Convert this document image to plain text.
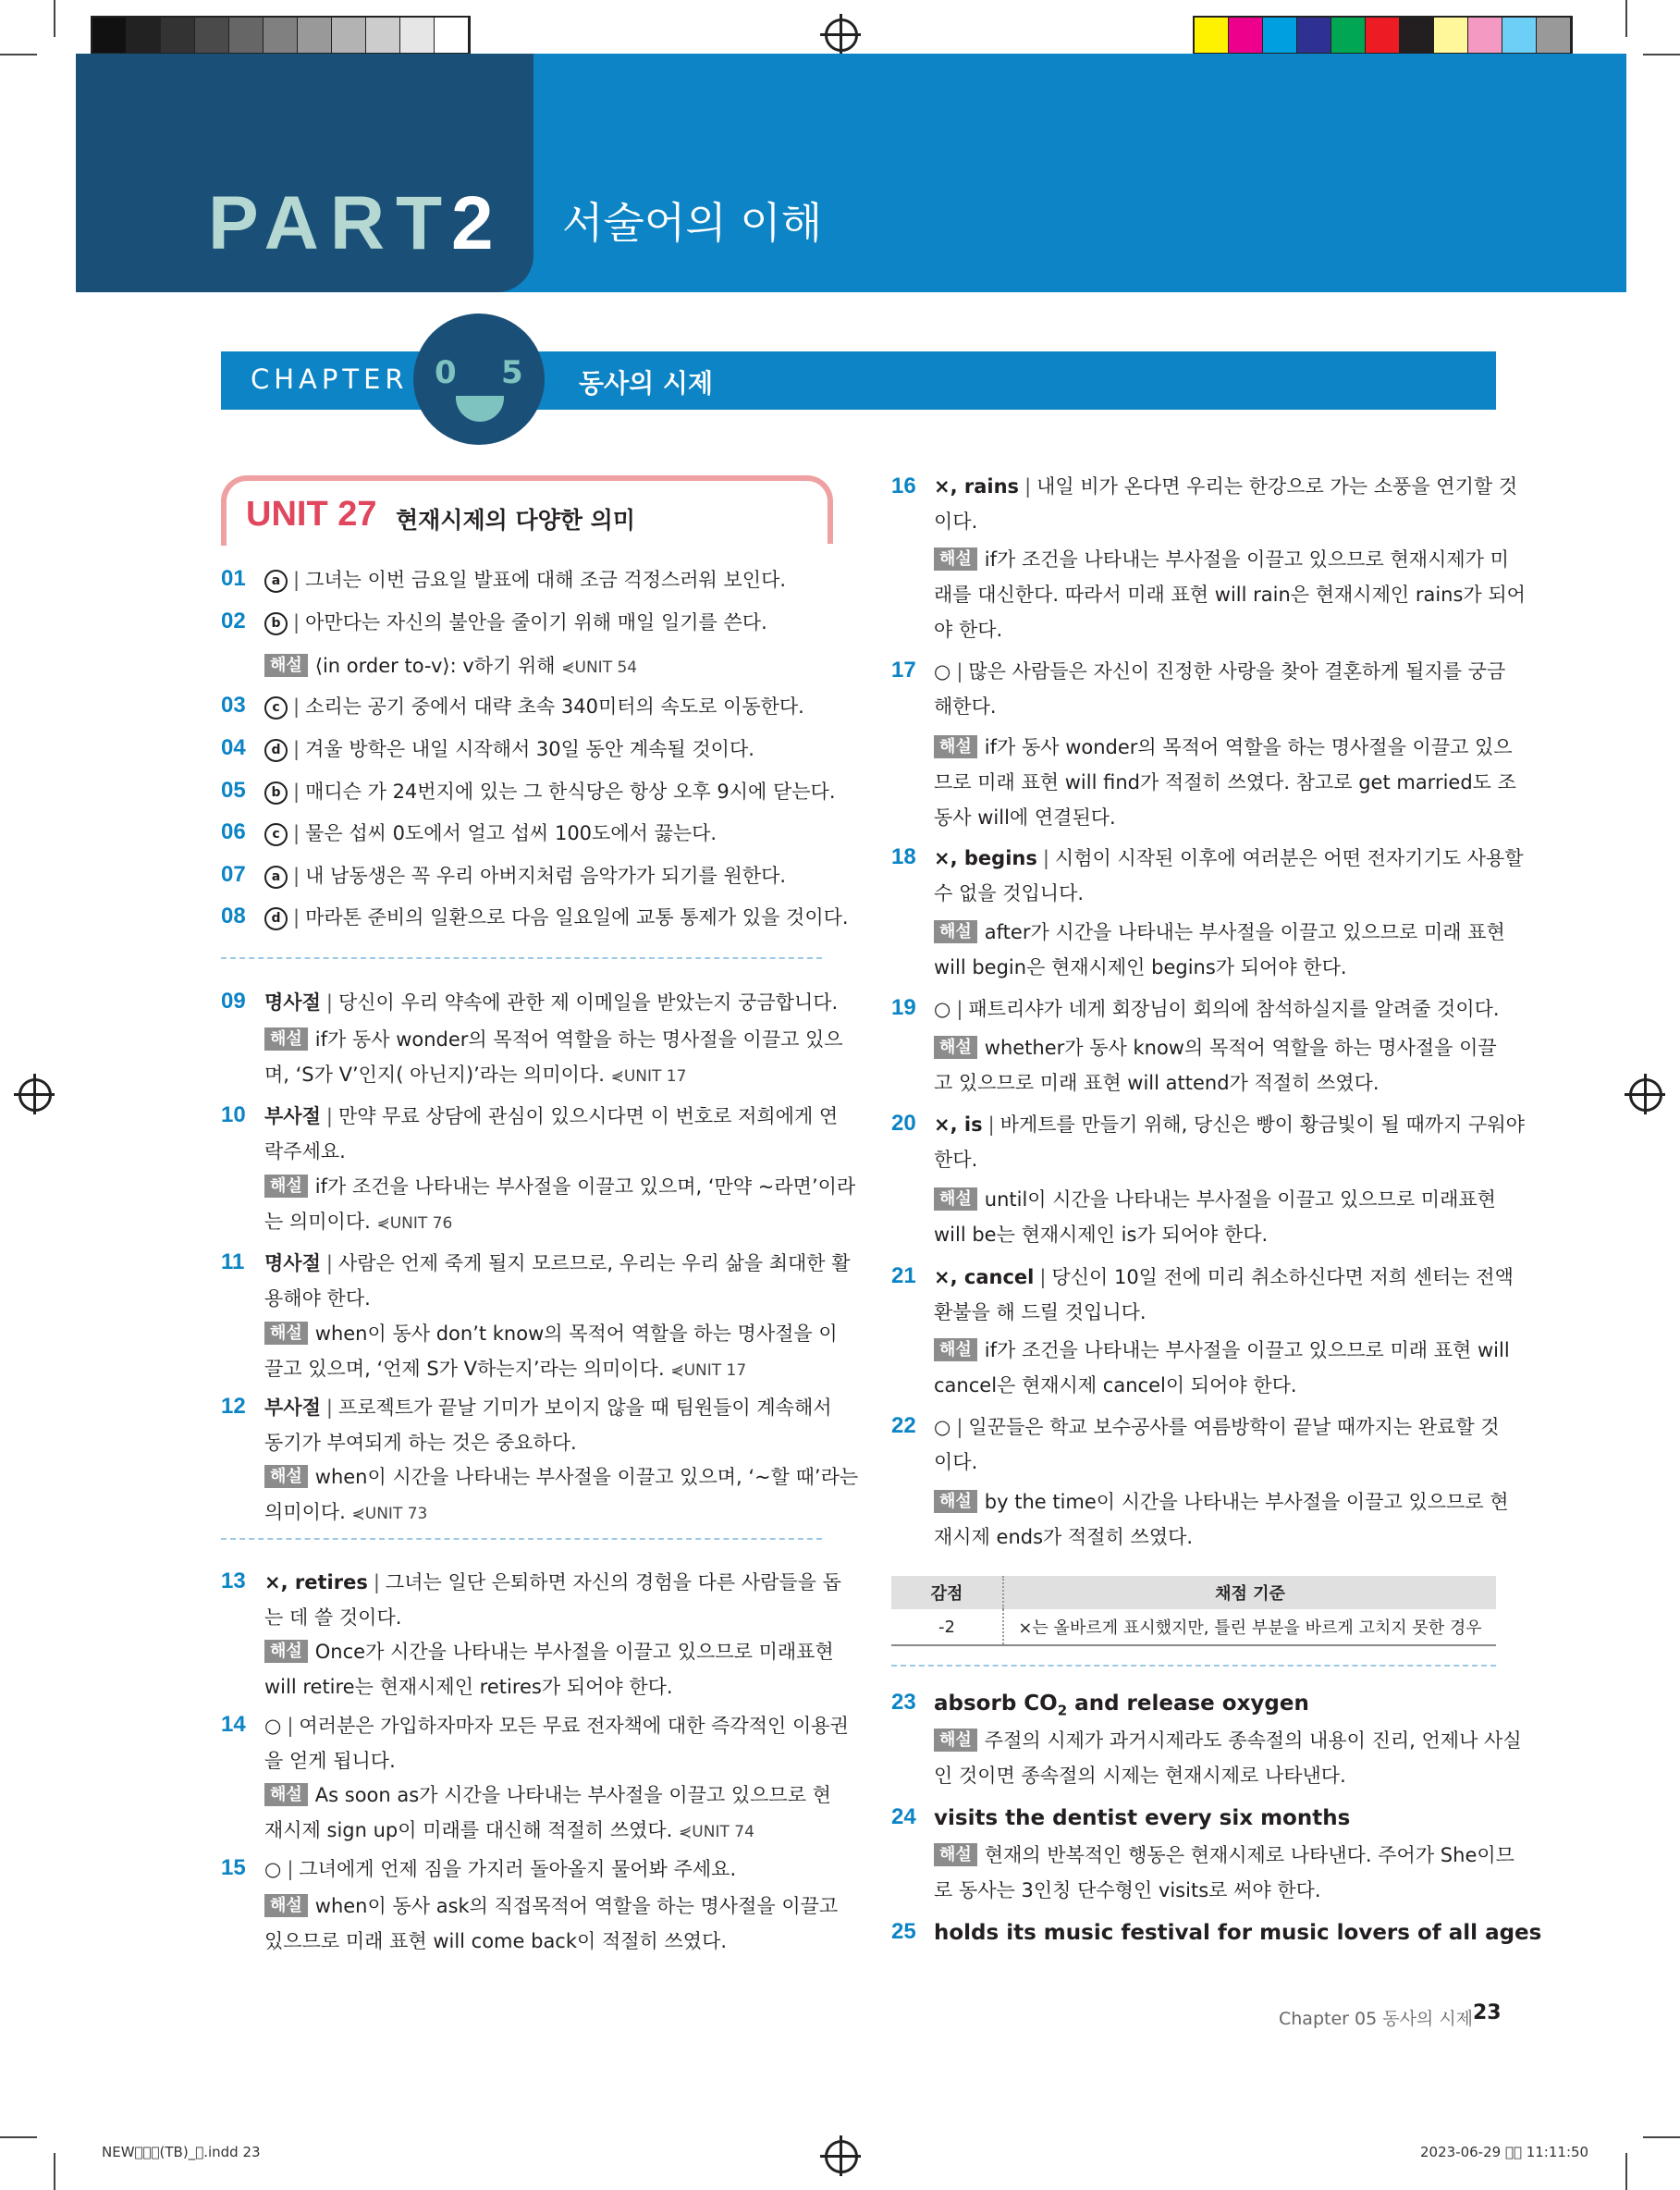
PART
2 서술어의 이해
CHAPTER 0 5 동사의 시제
UNIT 27 현재시제의 다양한 의미
01	a | 그녀는 이번 금요일 발표에 대해 조금 걱정스러워 보인다.
02	b | 아만다는 자신의 불안을 줄이기 위해 매일 일기를 쓴다.
해설 ⟨in order to-v⟩: v하기 위해 ⋞UNIT 54
03	c | 소리는 공기 중에서 대략 초속 340미터의 속도로 이동한다.
04	d | 겨울 방학은 내일 시작해서 30일 동안 계속될 것이다.
05	b | 매디슨 가 24번지에 있는 그 한식당은 항상 오후 9시에 닫는다.
06	c | 물은 섭씨 0도에서 얼고 섭씨 100도에서 끓는다.
07	a | 내 남동생은 꼭 우리 아버지처럼 음악가가 되기를 원한다.
08	d | 마라톤 준비의 일환으로 다음 일요일에 교통 통제가 있을 것이다.
09 명사절 | 당신이 우리 약속에 관한 제 이메일을 받았는지 궁금합니다.
해설 if가 동사 wonder의 목적어 역할을 하는 명사절을 이끌고 있으
며, ‘S가 V’인지( 아닌지)’라는 의미이다. ⋞UNIT 17
10 부사절 | 만약 무료 상담에 관심이 있으시다면 이 번호로 저희에게 연
락주세요.
해설 if가 조건을 나타내는 부사절을 이끌고 있으며, ‘만약 ~라면’이라
는 의미이다. ⋞UNIT 76
11 명사절 | 사람은 언제 죽게 될지 모르므로, 우리는 우리 삶을 최대한 활
용해야 한다.
해설 when이 동사 don’t know의 목적어 역할을 하는 명사절을 이
끌고 있으며, ‘언제 S가 V하는지’라는 의미이다. ⋞UNIT 17
12 부사절 | 프로젝트가 끝날 기미가 보이지 않을 때 팀원들이 계속해서
동기가 부여되게 하는 것은 중요하다.
해설 when이 시간을 나타내는 부사절을 이끌고 있으며, ‘~할 때’라는
의미이다. ⋞UNIT 73
13 ×, retires | 그녀는 일단 은퇴하면 자신의 경험을 다른 사람들을 돕
는 데 쓸 것이다.
해설 Once가 시간을 나타내는 부사절을 이끌고 있으므로 미래표현
will retire는 현재시제인 retires가 되어야 한다.
14 ○ | 여러분은 가입하자마자 모든 무료 전자책에 대한 즉각적인 이용권
을 얻게 됩니다.
해설 As soon as가 시간을 나타내는 부사절을 이끌고 있으므로 현
재시제 sign up이 미래를 대신해 적절히 쓰였다. ⋞UNIT 74
15 ○ | 그녀에게 언제 짐을 가지러 돌아올지 물어봐 주세요.
해설 when이 동사 ask의 직접목적어 역할을 하는 명사절을 이끌고
있으므로 미래 표현 will come back이 적절히 쓰였다.
16 ×, rains | 내일 비가 온다면 우리는 한강으로 가는 소풍을 연기할 것
이다.
해설 if가 조건을 나타내는 부사절을 이끌고 있으므로 현재시제가 미
래를 대신한다. 따라서 미래 표현 will rain은 현재시제인 rains가 되어
야 한다.
17 ○ | 많은 사람들은 자신이 진정한 사랑을 찾아 결혼하게 될지를 궁금
해한다.
해설 if가 동사 wonder의 목적어 역할을 하는 명사절을 이끌고 있으
므로 미래 표현 will find가 적절히 쓰였다. 참고로 get married도 조
동사 will에 연결된다.
18 ×, begins | 시험이 시작된 이후에 여러분은 어떤 전자기기도 사용할
수 없을 것입니다.
해설 after가 시간을 나타내는 부사절을 이끌고 있으므로 미래 표현
will begin은 현재시제인 begins가 되어야 한다.
19 ○ | 패트리샤가 네게 회장님이 회의에 참석하실지를 알려줄 것이다.
해설 whether가 동사 know의 목적어 역할을 하는 명사절을 이끌
고 있으므로 미래 표현 will attend가 적절히 쓰였다.
20 ×, is | 바게트를 만들기 위해, 당신은 빵이 황금빛이 될 때까지 구워야
한다.
해설 until이 시간을 나타내는 부사절을 이끌고 있으므로 미래표현
will be는 현재시제인 is가 되어야 한다.
21 ×, cancel | 당신이 10일 전에 미리 취소하신다면 저희 센터는 전액
환불을 해 드릴 것입니다.
해설 if가 조건을 나타내는 부사절을 이끌고 있으므로 미래 표현 will
cancel은 현재시제 cancel이 되어야 한다.
22 ○ | 일꾼들은 학교 보수공사를 여름방학이 끝날 때까지는 완료할 것
이다.
해설 by the time이 시간을 나타내는 부사절을 이끌고 있으므로 현
재시제 ends가 적절히 쓰였다.
감점	채점 기준
-2	×는 올바르게 표시했지만, 틀린 부분을 바르게 고치지 못한 경우
23 absorb $CO_2$ and release oxygen
해설 주절의 시제가 과거시제라도 종속절의 내용이 진리, 언제나 사실
인 것이면 종속절의 시제는 현재시제로 나타낸다.
24 visits the dentist every six months
해설 현재의 반복적인 행동은 현재시제로 나타낸다. 주어가 She이므
로 동사는 3인칭 단수형인 visits로 써야 한다.
25 holds its music festival for music lovers of all ages
Chapter 05 동사의 시제 23
NEW   (TB)_ .indd 23	2023-06-29    11:11:50
